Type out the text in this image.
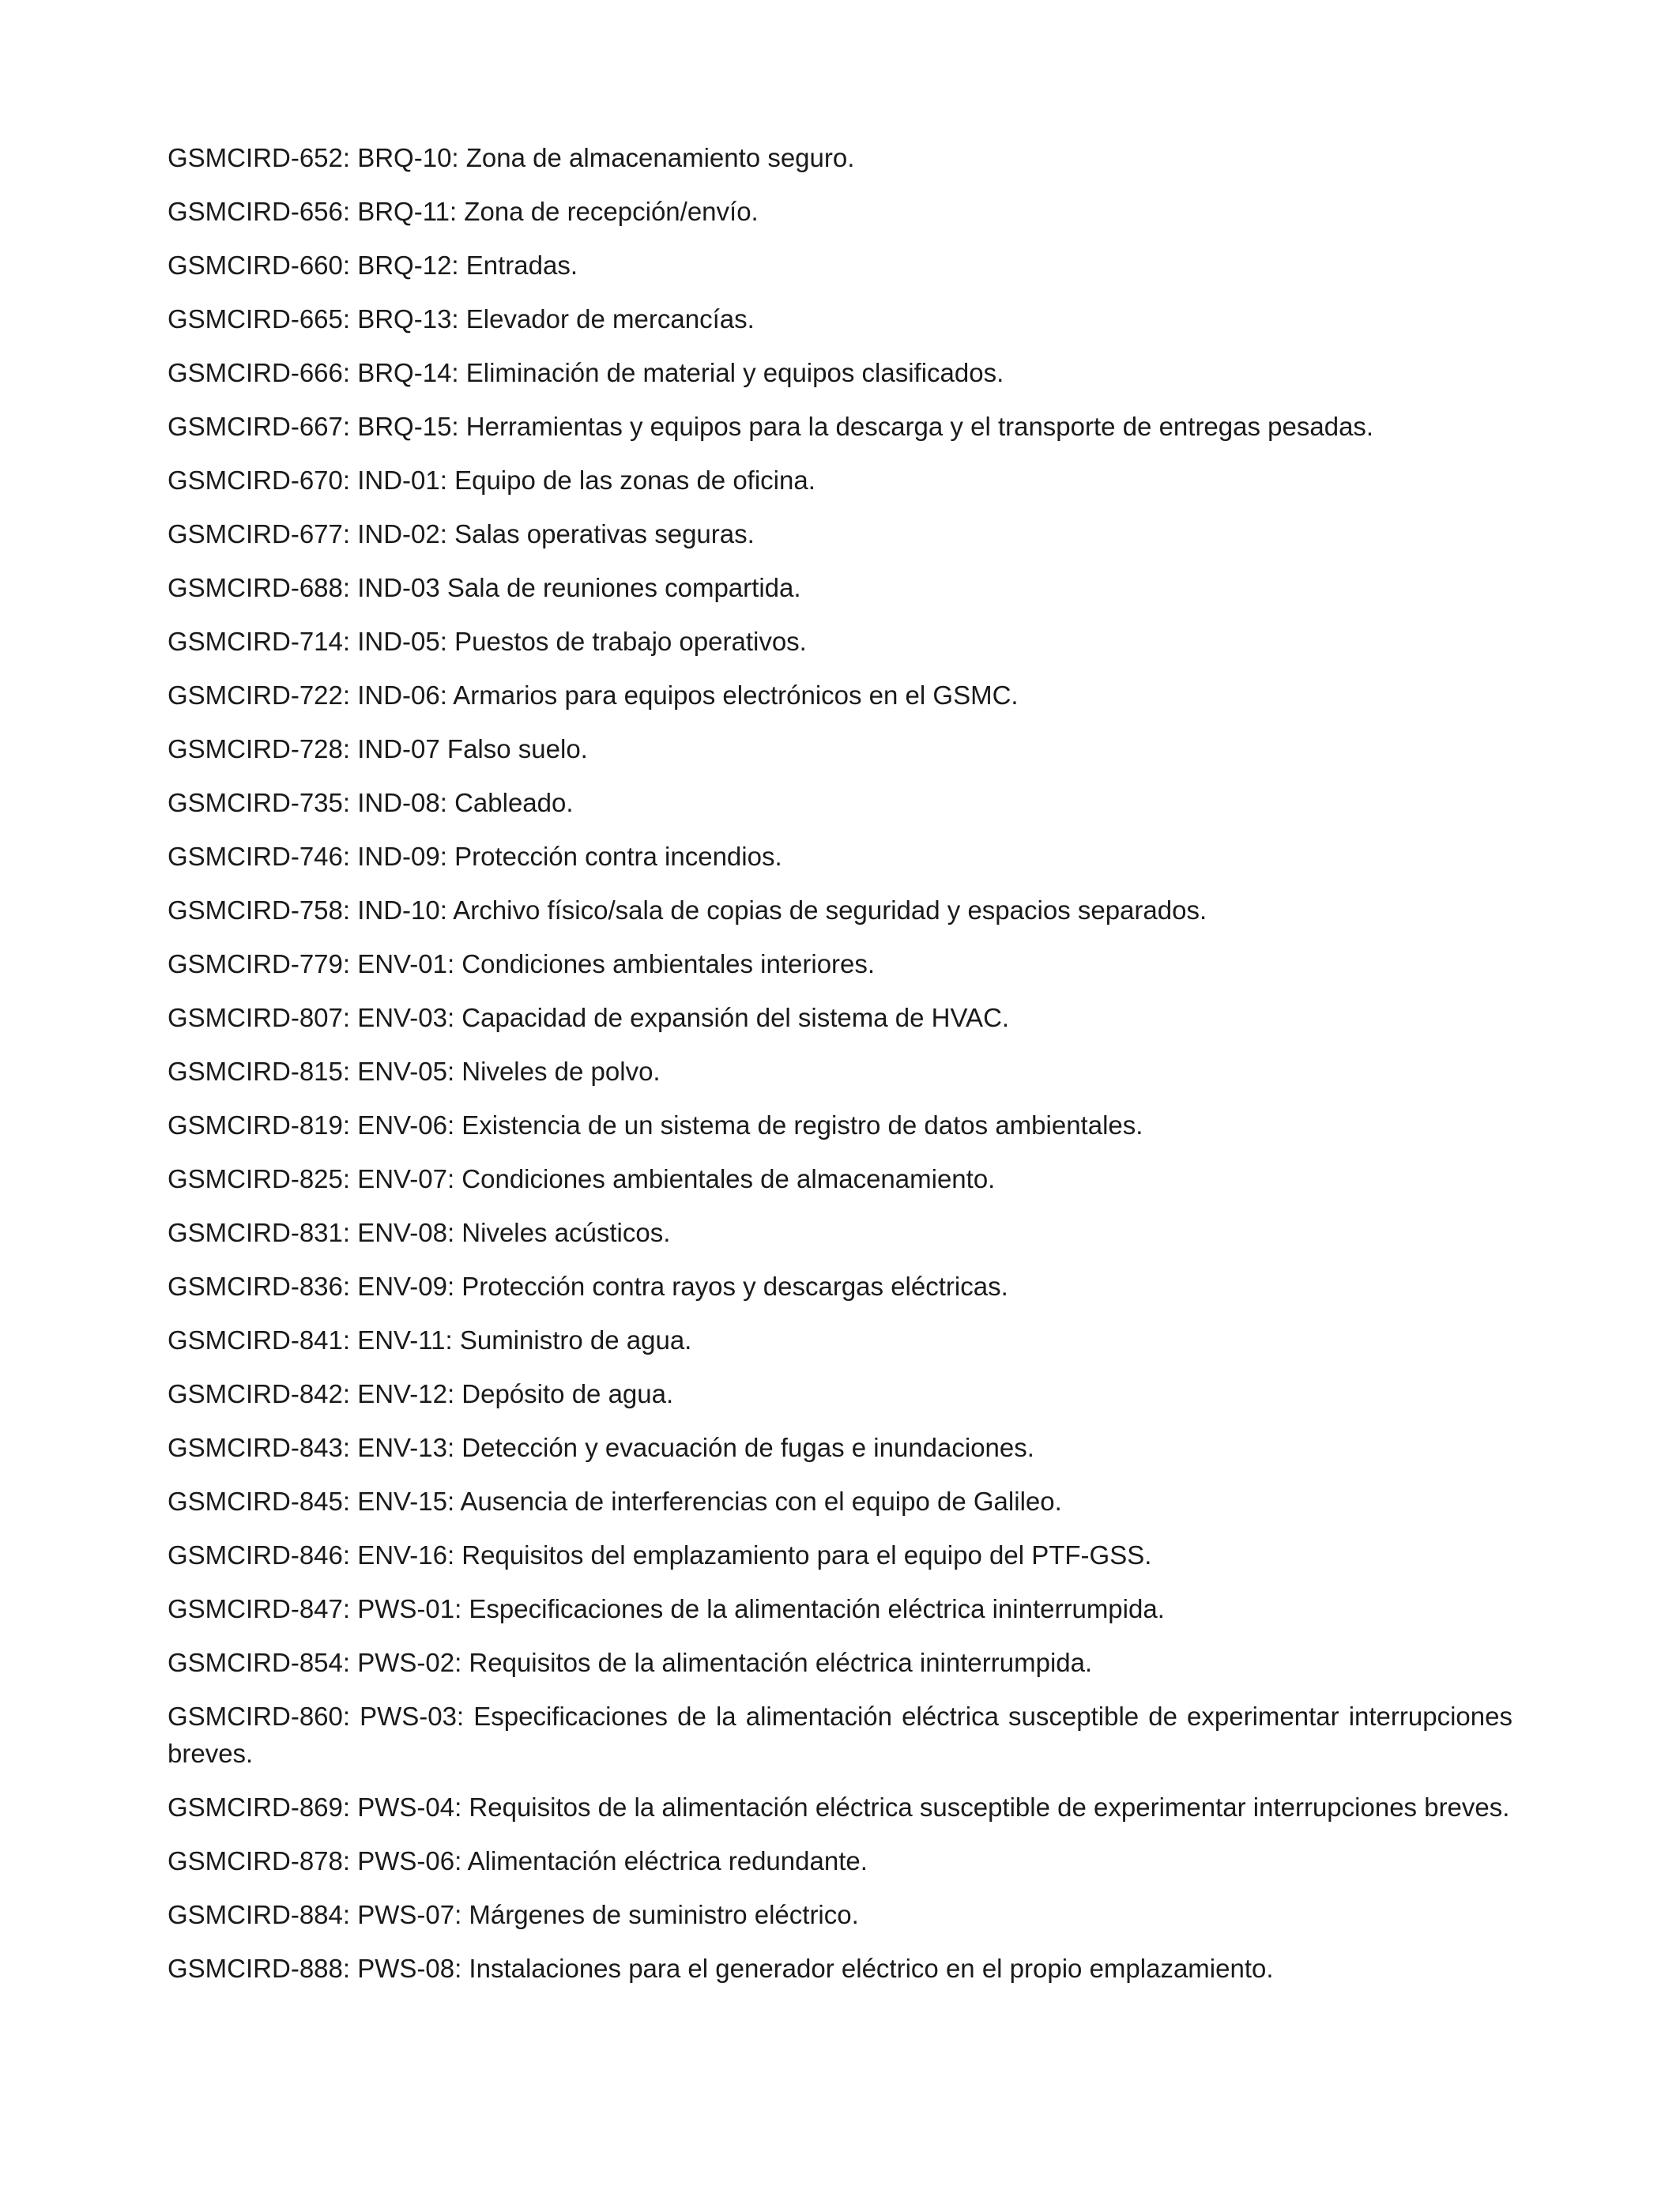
GSMCIRD-652: BRQ-10: Zona de almacenamiento seguro.

GSMCIRD-656: BRQ-11: Zona de recepción/envío.

GSMCIRD-660: BRQ-12: Entradas.

GSMCIRD-665: BRQ-13: Elevador de mercancías.

GSMCIRD-666: BRQ-14: Eliminación de material y equipos clasificados.

GSMCIRD-667: BRQ-15: Herramientas y equipos para la descarga y el transporte de entregas pesadas.

GSMCIRD-670: IND-01: Equipo de las zonas de oficina.

GSMCIRD-677: IND-02: Salas operativas seguras.

GSMCIRD-688: IND-03 Sala de reuniones compartida.

GSMCIRD-714: IND-05: Puestos de trabajo operativos.

GSMCIRD-722: IND-06: Armarios para equipos electrónicos en el GSMC.

GSMCIRD-728: IND-07 Falso suelo.

GSMCIRD-735: IND-08: Cableado.

GSMCIRD-746: IND-09: Protección contra incendios.

GSMCIRD-758: IND-10: Archivo físico/sala de copias de seguridad y espacios separados.

GSMCIRD-779: ENV-01: Condiciones ambientales interiores.

GSMCIRD-807: ENV-03: Capacidad de expansión del sistema de HVAC.

GSMCIRD-815: ENV-05: Niveles de polvo.

GSMCIRD-819: ENV-06: Existencia de un sistema de registro de datos ambientales.

GSMCIRD-825: ENV-07: Condiciones ambientales de almacenamiento.

GSMCIRD-831: ENV-08: Niveles acústicos.

GSMCIRD-836: ENV-09: Protección contra rayos y descargas eléctricas.

GSMCIRD-841: ENV-11: Suministro de agua.

GSMCIRD-842: ENV-12: Depósito de agua.

GSMCIRD-843: ENV-13: Detección y evacuación de fugas e inundaciones.

GSMCIRD-845: ENV-15: Ausencia de interferencias con el equipo de Galileo.

GSMCIRD-846: ENV-16: Requisitos del emplazamiento para el equipo del PTF-GSS.

GSMCIRD-847: PWS-01: Especificaciones de la alimentación eléctrica ininterrumpida.

GSMCIRD-854: PWS-02: Requisitos de la alimentación eléctrica ininterrumpida.

GSMCIRD-860: PWS-03: Especificaciones de la alimentación eléctrica susceptible de experimentar interrupciones breves.

GSMCIRD-869: PWS-04: Requisitos de la alimentación eléctrica susceptible de experimentar interrupciones breves.

GSMCIRD-878: PWS-06: Alimentación eléctrica redundante.

GSMCIRD-884: PWS-07: Márgenes de suministro eléctrico.

GSMCIRD-888: PWS-08: Instalaciones para el generador eléctrico en el propio emplazamiento.
